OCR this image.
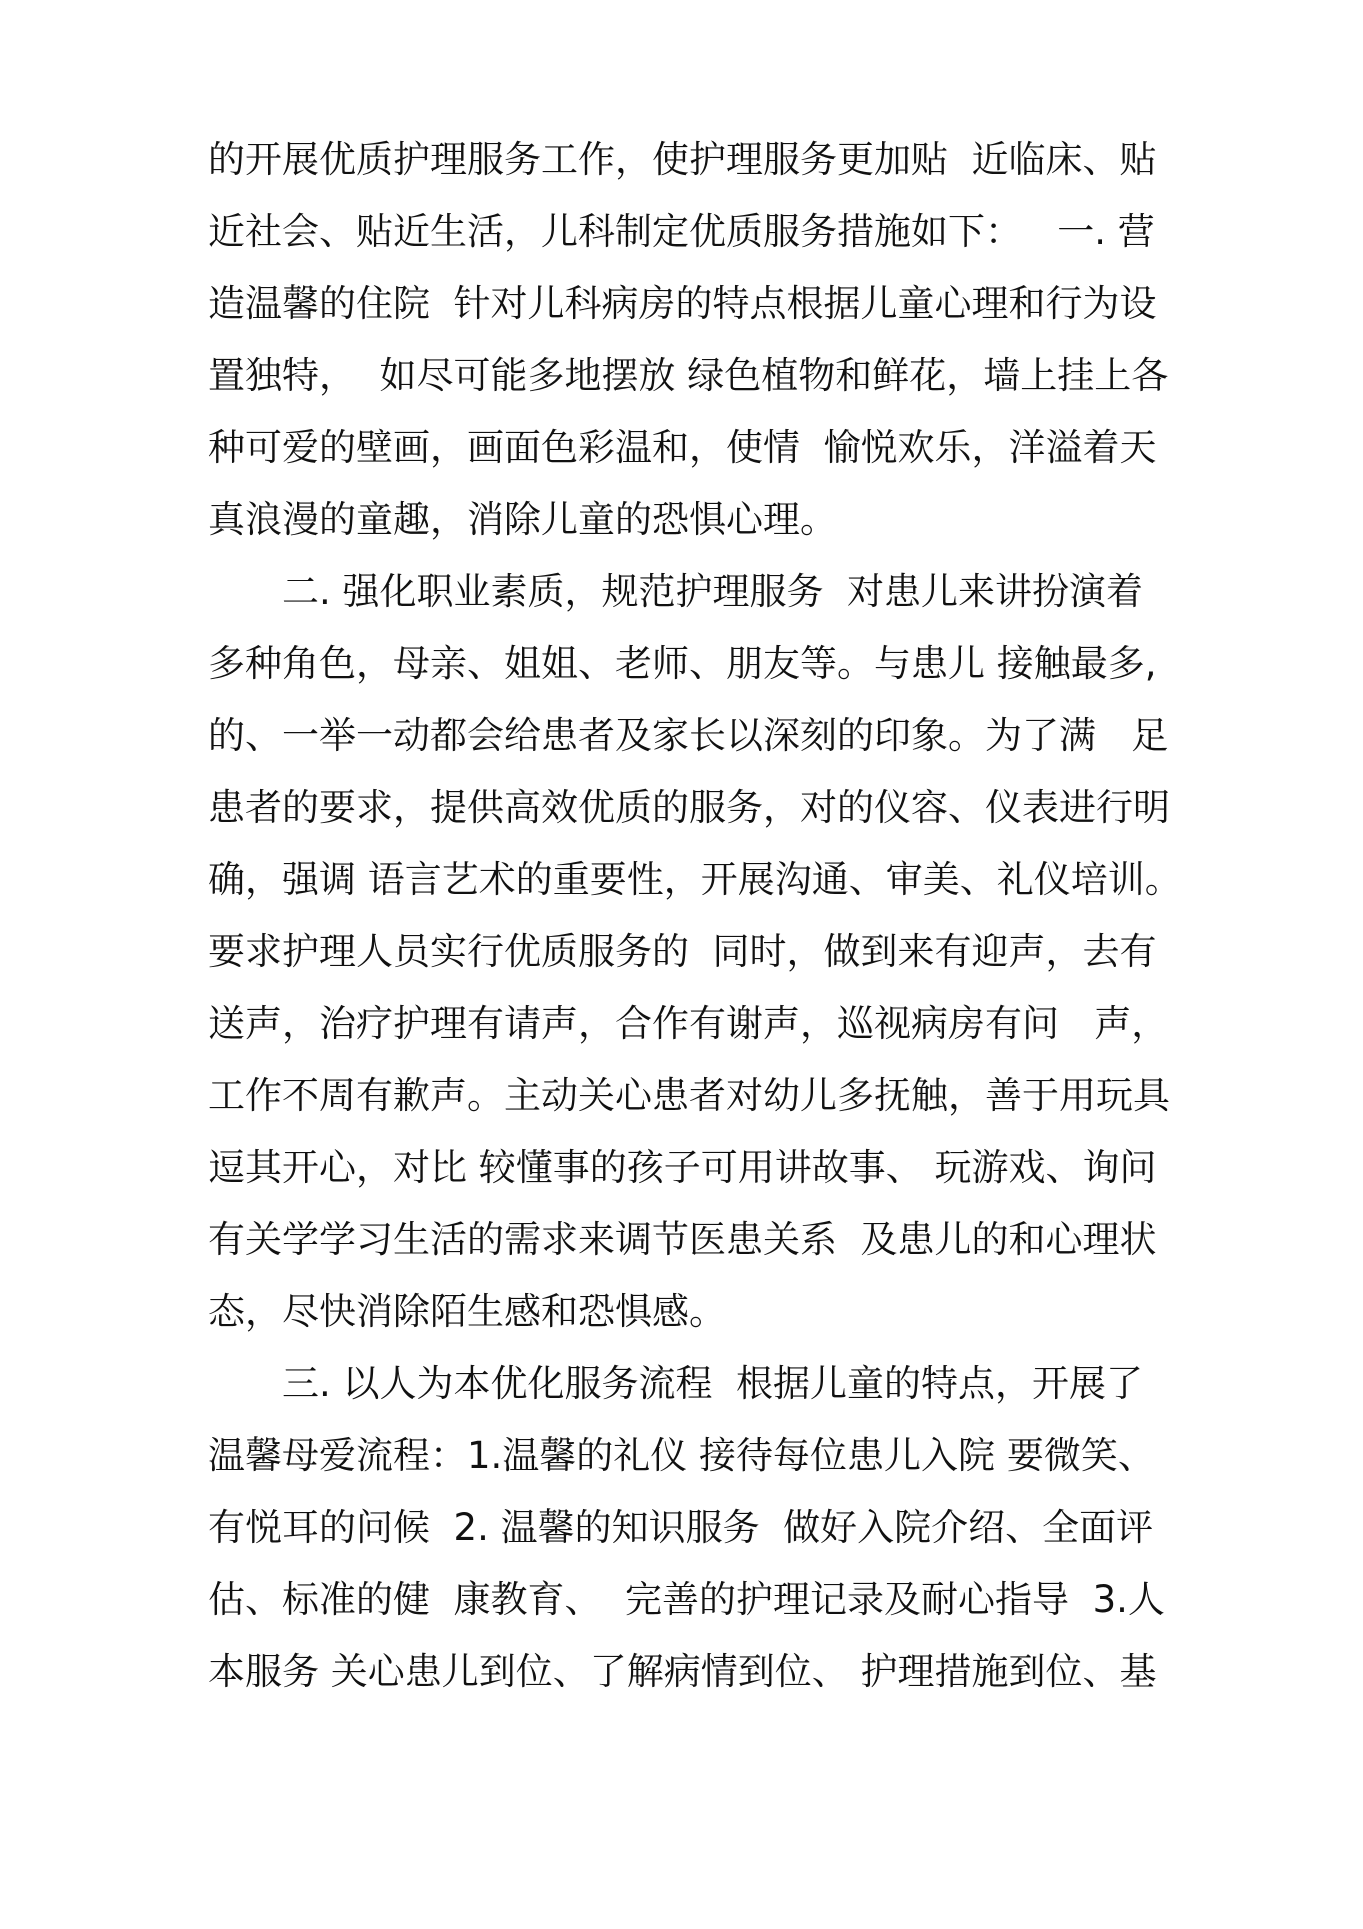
的开展优质护理服务工作，使护理服务更加贴  近临床、贴
近社会、贴近生活，儿科制定优质服务措施如下：   一. 营
造温馨的住院  针对儿科病房的特点根据儿童心理和行为设
置独特，  如尽可能多地摆放 绿色植物和鲜花，墙上挂上各
种可爱的壁画，画面色彩温和，使情  愉悦欢乐，洋溢着天
真浪漫的童趣，消除儿童的恐惧心理。
二. 强化职业素质，规范护理服务  对患儿来讲扮演着
多种角色，母亲、姐姐、老师、朋友等。与患儿 接触最多,
的、一举一动都会给患者及家长以深刻的印象。为了满   足
患者的要求，提供高效优质的服务，对的仪容、仪表进行明
确，强调 语言艺术的重要性，开展沟通、审美、礼仪培训。
要求护理人员实行优质服务的  同时，做到来有迎声，去有
送声，治疗护理有请声，合作有谢声，巡视病房有问   声，
工作不周有歉声。主动关心患者对幼儿多抚触，善于用玩具
逗其开心，对比 较懂事的孩子可用讲故事、 玩游戏、询问
有关学学习生活的需求来调节医患关系  及患儿的和心理状
态，尽快消除陌生感和恐惧感。
三. 以人为本优化服务流程  根据儿童的特点，开展了
温馨母爱流程：1.温馨的礼仪 接待每位患儿入院 要微笑、
有悦耳的问候  2. 温馨的知识服务  做好入院介绍、全面评
估、标准的健  康教育、  完善的护理记录及耐心指导  3.人
本服务 关心患儿到位、了解病情到位、 护理措施到位、基
